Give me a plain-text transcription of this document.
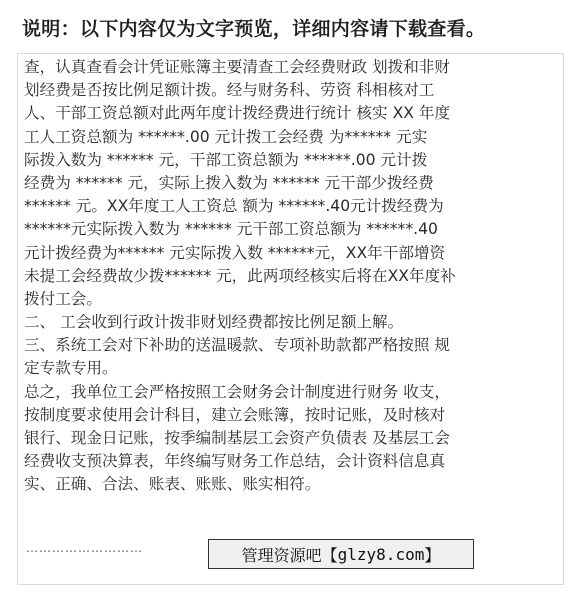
说明：以下内容仅为文字预览，详细内容请下载查看。
查，认真查看会计凭证账簿主要清查工会经费财政 划拨和非财
划经费是否按比例足额计拨。经与财务科、劳资 科相核对工
人、干部工资总额对此两年度计拨经费进行统计 核实 XX 年度
工人工资总额为 ******.00 元计拨工会经费 为****** 元实
际拨入数为 ****** 元，干部工资总额为 ******.00 元计拨
经费为 ****** 元，实际上拨入数为 ****** 元干部少拨经费
****** 元。XX年度工人工资总 额为 ******.40元计拨经费为
******元实际拨入数为 ****** 元干部工资总额为 ******.40
元计拨经费为****** 元实际拨入数 ******元，XX年干部增资
未提工会经费故少拨****** 元，此两项经核实后将在XX年度补
拨付工会。
二、 工会收到行政计拨非财划经费都按比例足额上解。
三、系统工会对下补助的送温暖款、专项补助款都严格按照 规
定专款专用。
总之，我单位工会严格按照工会财务会计制度进行财务 收支，
按制度要求使用会计科目，建立会账簿，按时记账，及时核对
银行、现金日记账，按季编制基层工会资产负债表 及基层工会
经费收支预决算表，年终编写财务工作总结，会计资料信息真
实、正确、合法、账表、账账、账实相符。
………………………	管理资源吧【 glzy8.com 】
